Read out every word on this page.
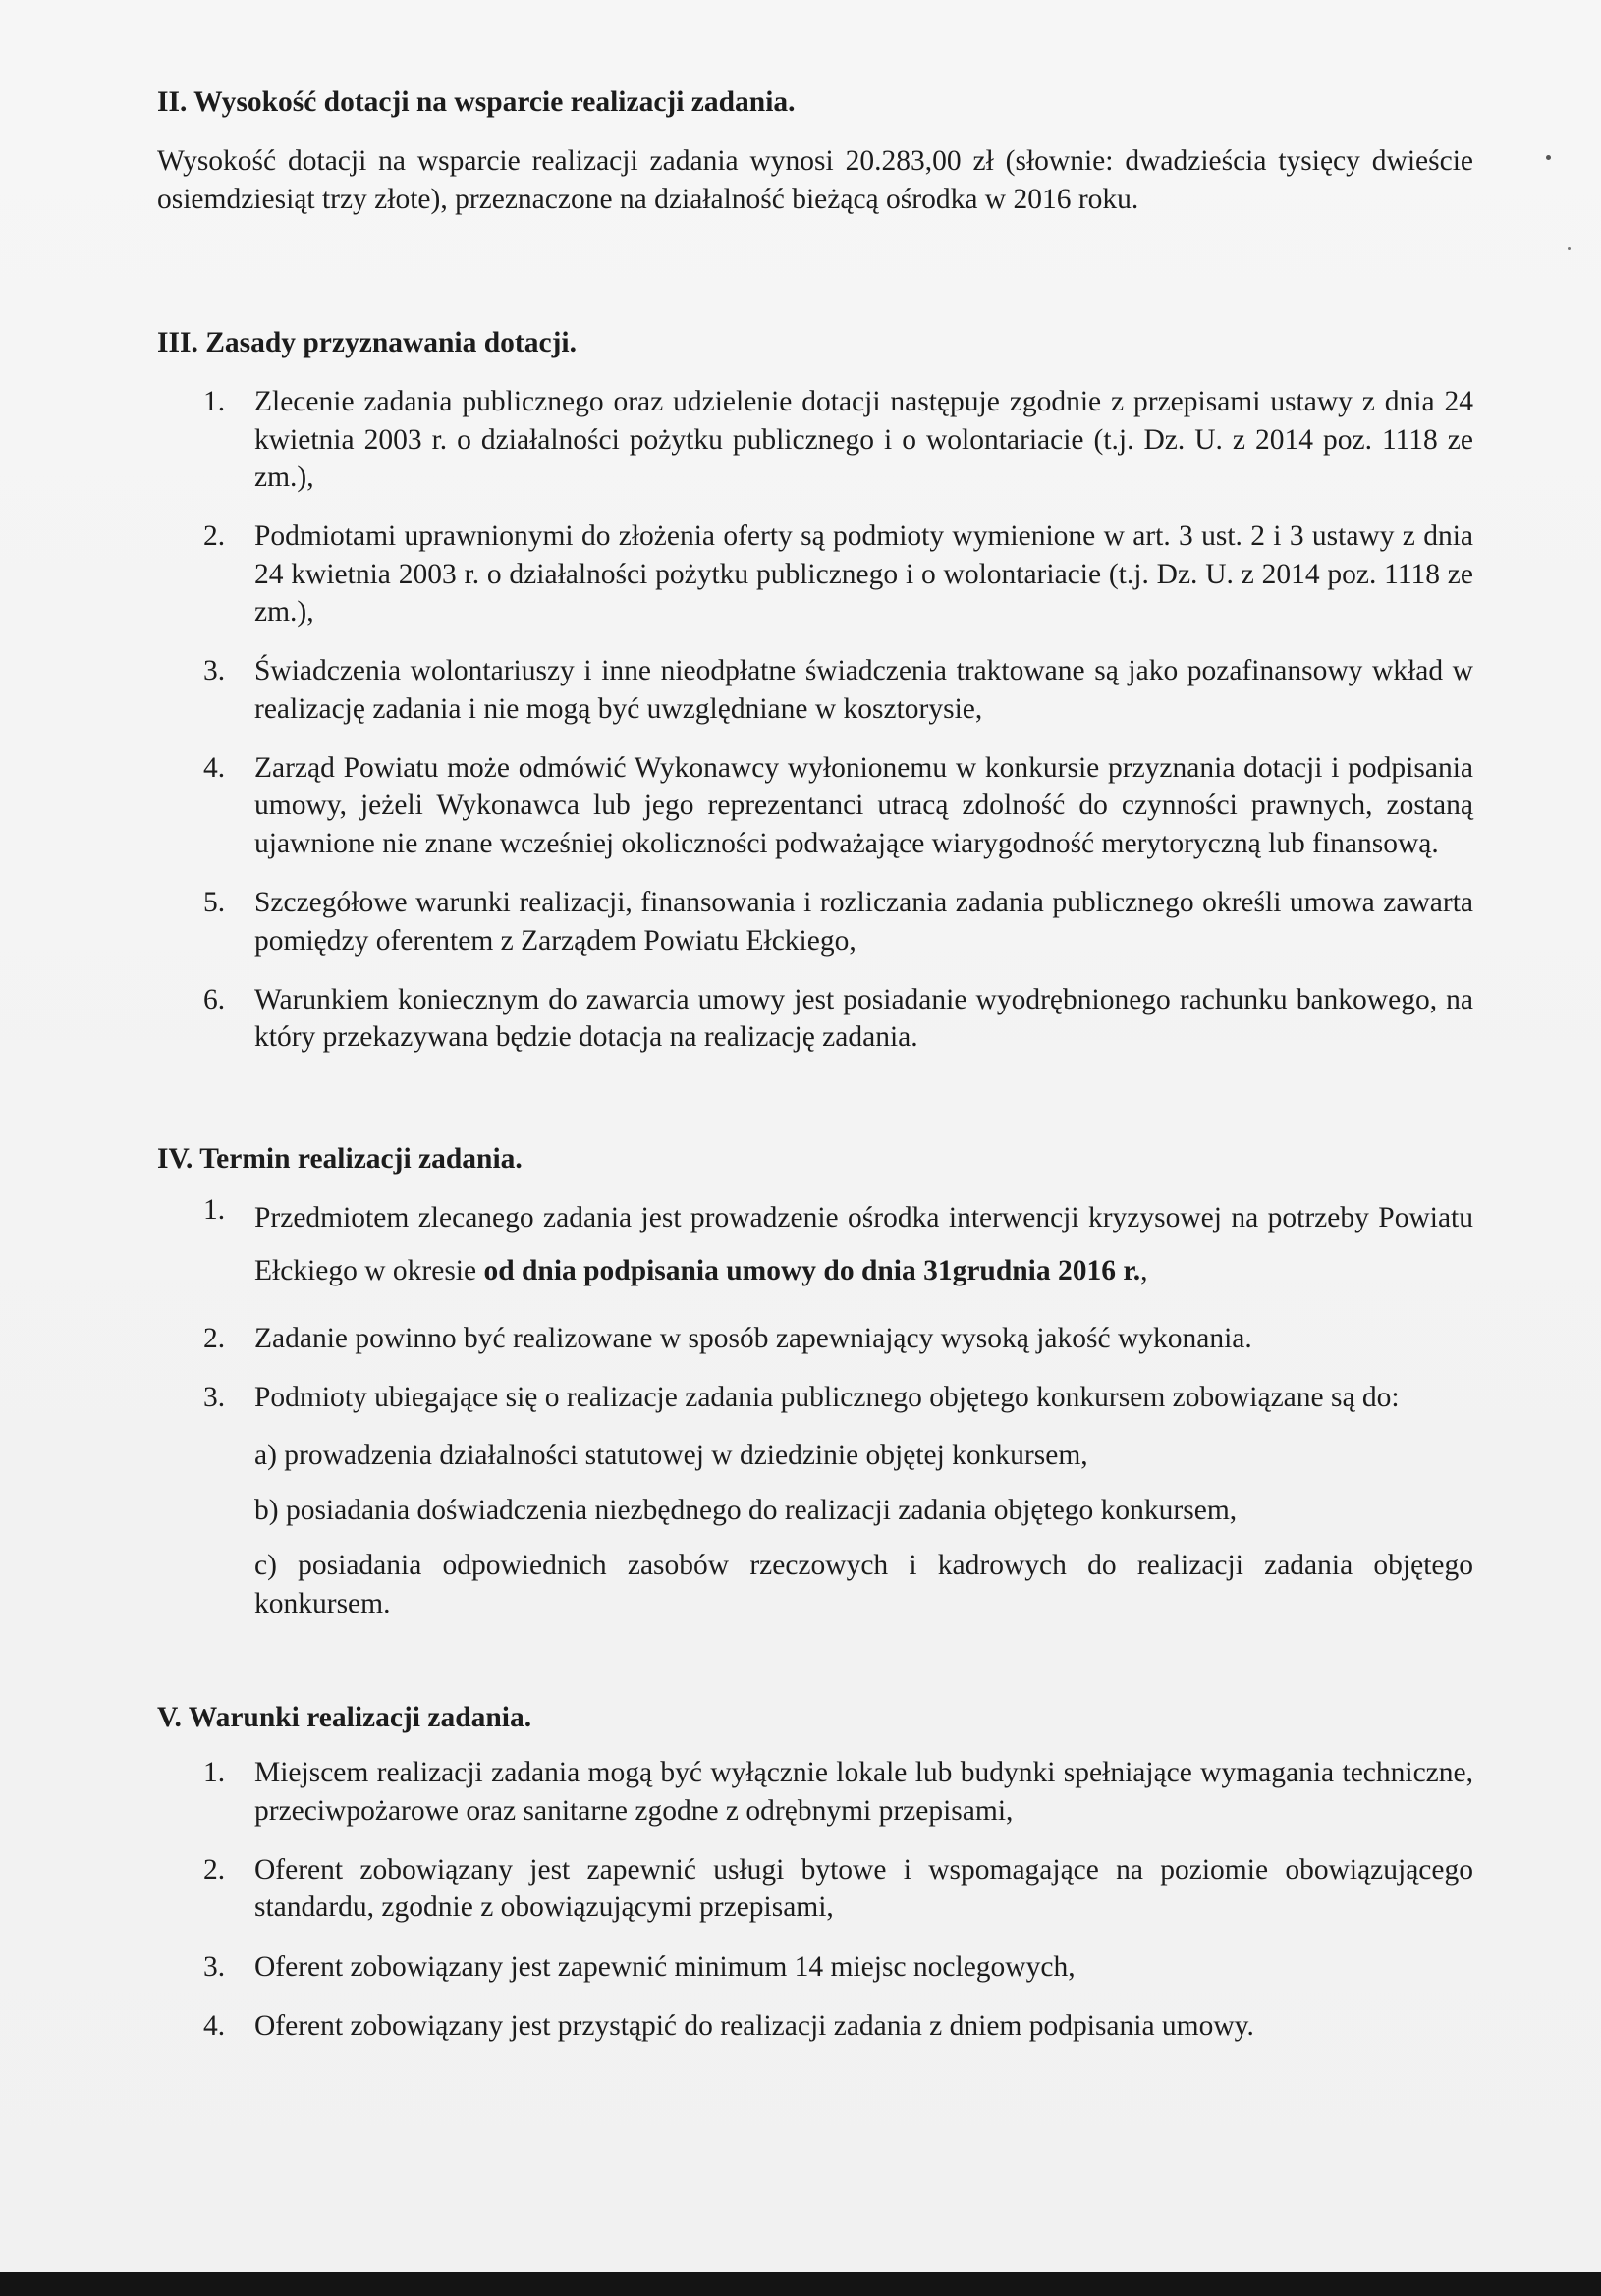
II. Wysokość dotacji na wsparcie realizacji zadania.

Wysokość dotacji na wsparcie realizacji zadania wynosi 20.283,00 zł (słownie: dwadzieścia tysięcy dwieście osiemdziesiąt trzy złote), przeznaczone na działalność bieżącą ośrodka w 2016 roku.

III. Zasady przyznawania dotacji.

1.	Zlecenie zadania publicznego oraz udzielenie dotacji następuje zgodnie z przepisami ustawy z dnia 24 kwietnia 2003 r. o działalności pożytku publicznego i o wolontariacie (t.j. Dz. U. z 2014 poz. 1118 ze zm.),
2.	Podmiotami uprawnionymi do złożenia oferty są podmioty wymienione w art. 3 ust. 2 i 3 ustawy z dnia 24 kwietnia 2003 r. o działalności pożytku publicznego i o wolontariacie (t.j. Dz. U. z 2014 poz. 1118 ze zm.),
3.	Świadczenia wolontariuszy i inne nieodpłatne świadczenia traktowane są jako pozafinansowy wkład w realizację zadania i nie mogą być uwzględniane w kosztorysie,
4.	Zarząd Powiatu może odmówić Wykonawcy wyłonionemu w konkursie przyznania dotacji i podpisania umowy, jeżeli Wykonawca lub jego reprezentanci utracą zdolność do czynności prawnych, zostaną ujawnione nie znane wcześniej okoliczności podważające wiarygodność merytoryczną lub finansową.
5.	Szczegółowe warunki realizacji, finansowania i rozliczania zadania publicznego określi umowa zawarta pomiędzy oferentem z Zarządem Powiatu Ełckiego,
6.	Warunkiem koniecznym do zawarcia umowy jest posiadanie wyodrębnionego rachunku bankowego, na który przekazywana będzie dotacja na realizację zadania.

IV. Termin realizacji zadania.

1.	Przedmiotem zlecanego zadania jest prowadzenie ośrodka interwencji kryzysowej na potrzeby Powiatu Ełckiego w okresie od dnia podpisania umowy do dnia 31grudnia 2016 r.,
2.	Zadanie powinno być realizowane w sposób zapewniający wysoką jakość wykonania.
3.	Podmioty ubiegające się o realizacje zadania publicznego objętego konkursem zobowiązane są do:

a) prowadzenia działalności statutowej w dziedzinie objętej konkursem,

b) posiadania doświadczenia niezbędnego do realizacji zadania objętego konkursem,

c) posiadania odpowiednich zasobów rzeczowych i kadrowych do realizacji zadania objętego konkursem.

V. Warunki realizacji zadania.

1.	Miejscem realizacji zadania mogą być wyłącznie lokale lub budynki spełniające wymagania techniczne, przeciwpożarowe oraz sanitarne zgodne z odrębnymi przepisami,
2.	Oferent zobowiązany jest zapewnić usługi bytowe i wspomagające na poziomie obowiązującego standardu, zgodnie z obowiązującymi przepisami,
3.	Oferent zobowiązany jest zapewnić minimum 14 miejsc noclegowych,
4.	Oferent zobowiązany jest przystąpić do realizacji zadania z dniem podpisania umowy.
